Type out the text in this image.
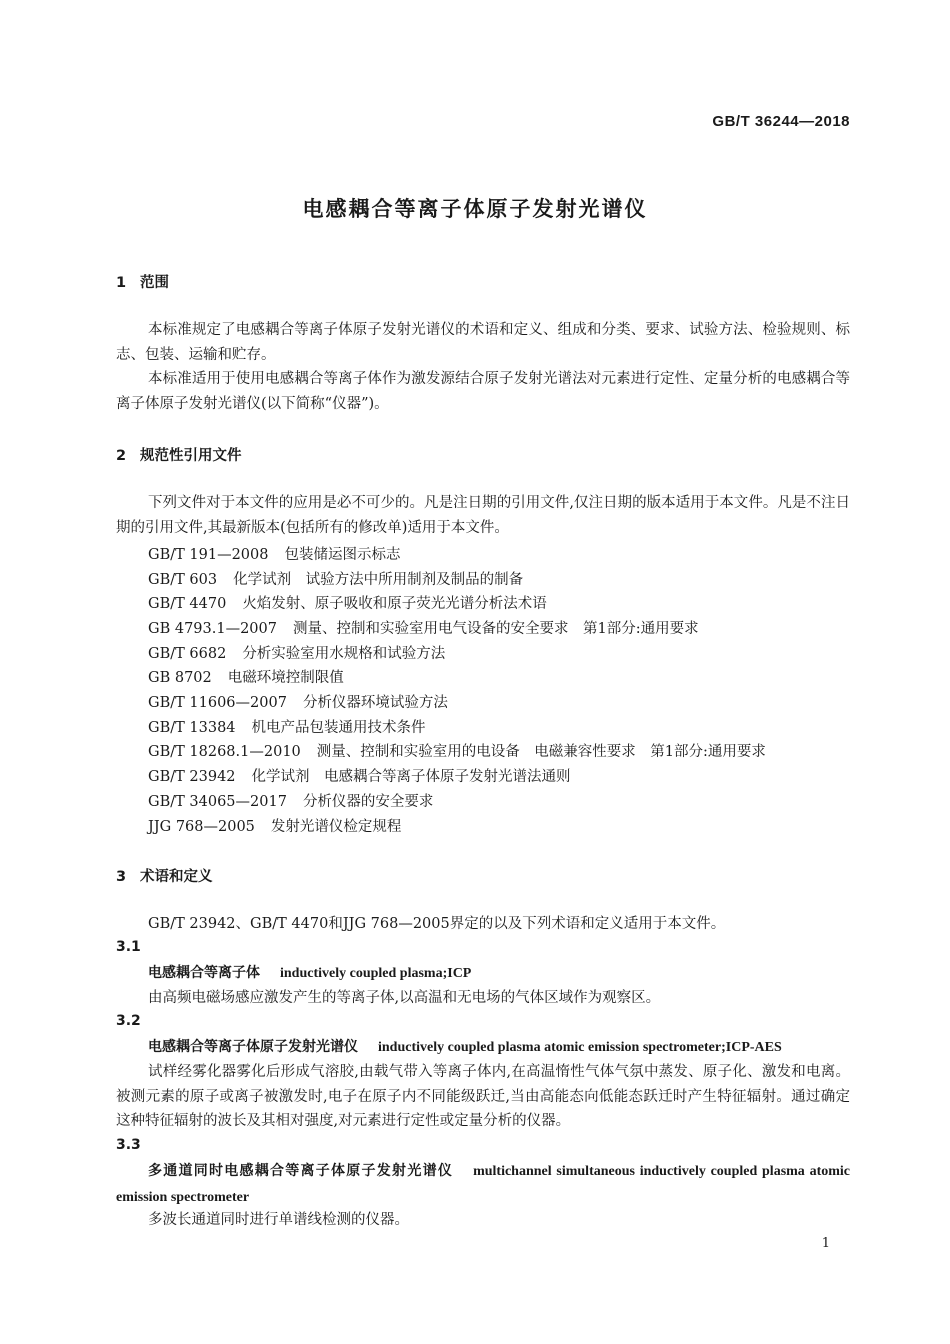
GB/T 36244—2018
电感耦合等离子体原子发射光谱仪
1 范围

本标准规定了电感耦合等离子体原子发射光谱仪的术语和定义、组成和分类、要求、试验方法、检验规则、标志、包装、运输和贮存。

本标准适用于使用电感耦合等离子体作为激发源结合原子发射光谱法对元素进行定性、定量分析的电感耦合等离子体原子发射光谱仪(以下简称“仪器”)。

2 规范性引用文件

下列文件对于本文件的应用是必不可少的。凡是注日期的引用文件,仅注日期的版本适用于本文件。凡是不注日期的引用文件,其最新版本(包括所有的修改单)适用于本文件。

GB/T 191—2008 包装储运图示标志

GB/T 603 化学试剂　试验方法中所用制剂及制品的制备

GB/T 4470 火焰发射、原子吸收和原子荧光光谱分析法术语

GB 4793.1—2007 测量、控制和实验室用电气设备的安全要求　第1部分:通用要求

GB/T 6682 分析实验室用水规格和试验方法

GB 8702 电磁环境控制限值

GB/T 11606—2007 分析仪器环境试验方法

GB/T 13384 机电产品包装通用技术条件

GB/T 18268.1—2010 测量、控制和实验室用的电设备　电磁兼容性要求　第1部分:通用要求

GB/T 23942 化学试剂　电感耦合等离子体原子发射光谱法通则

GB/T 34065—2017 分析仪器的安全要求

JJG 768—2005 发射光谱仪检定规程

3 术语和定义

GB/T 23942、GB/T 4470和JJG 768—2005界定的以及下列术语和定义适用于本文件。

3.1

电感耦合等离子体 inductively coupled plasma;ICP

由高频电磁场感应激发产生的等离子体,以高温和无电场的气体区域作为观察区。

3.2

电感耦合等离子体原子发射光谱仪 inductively coupled plasma atomic emission spectrometer;ICP-AES

试样经雾化器雾化后形成气溶胶,由载气带入等离子体内,在高温惰性气体气氛中蒸发、原子化、激发和电离。被测元素的原子或离子被激发时,电子在原子内不同能级跃迁,当由高能态向低能态跃迁时产生特征辐射。通过确定这种特征辐射的波长及其相对强度,对元素进行定性或定量分析的仪器。

3.3

多通道同时电感耦合等离子体原子发射光谱仪 multichannel simultaneous inductively coupled plasma atomic emission spectrometer

多波长通道同时进行单谱线检测的仪器。

1
